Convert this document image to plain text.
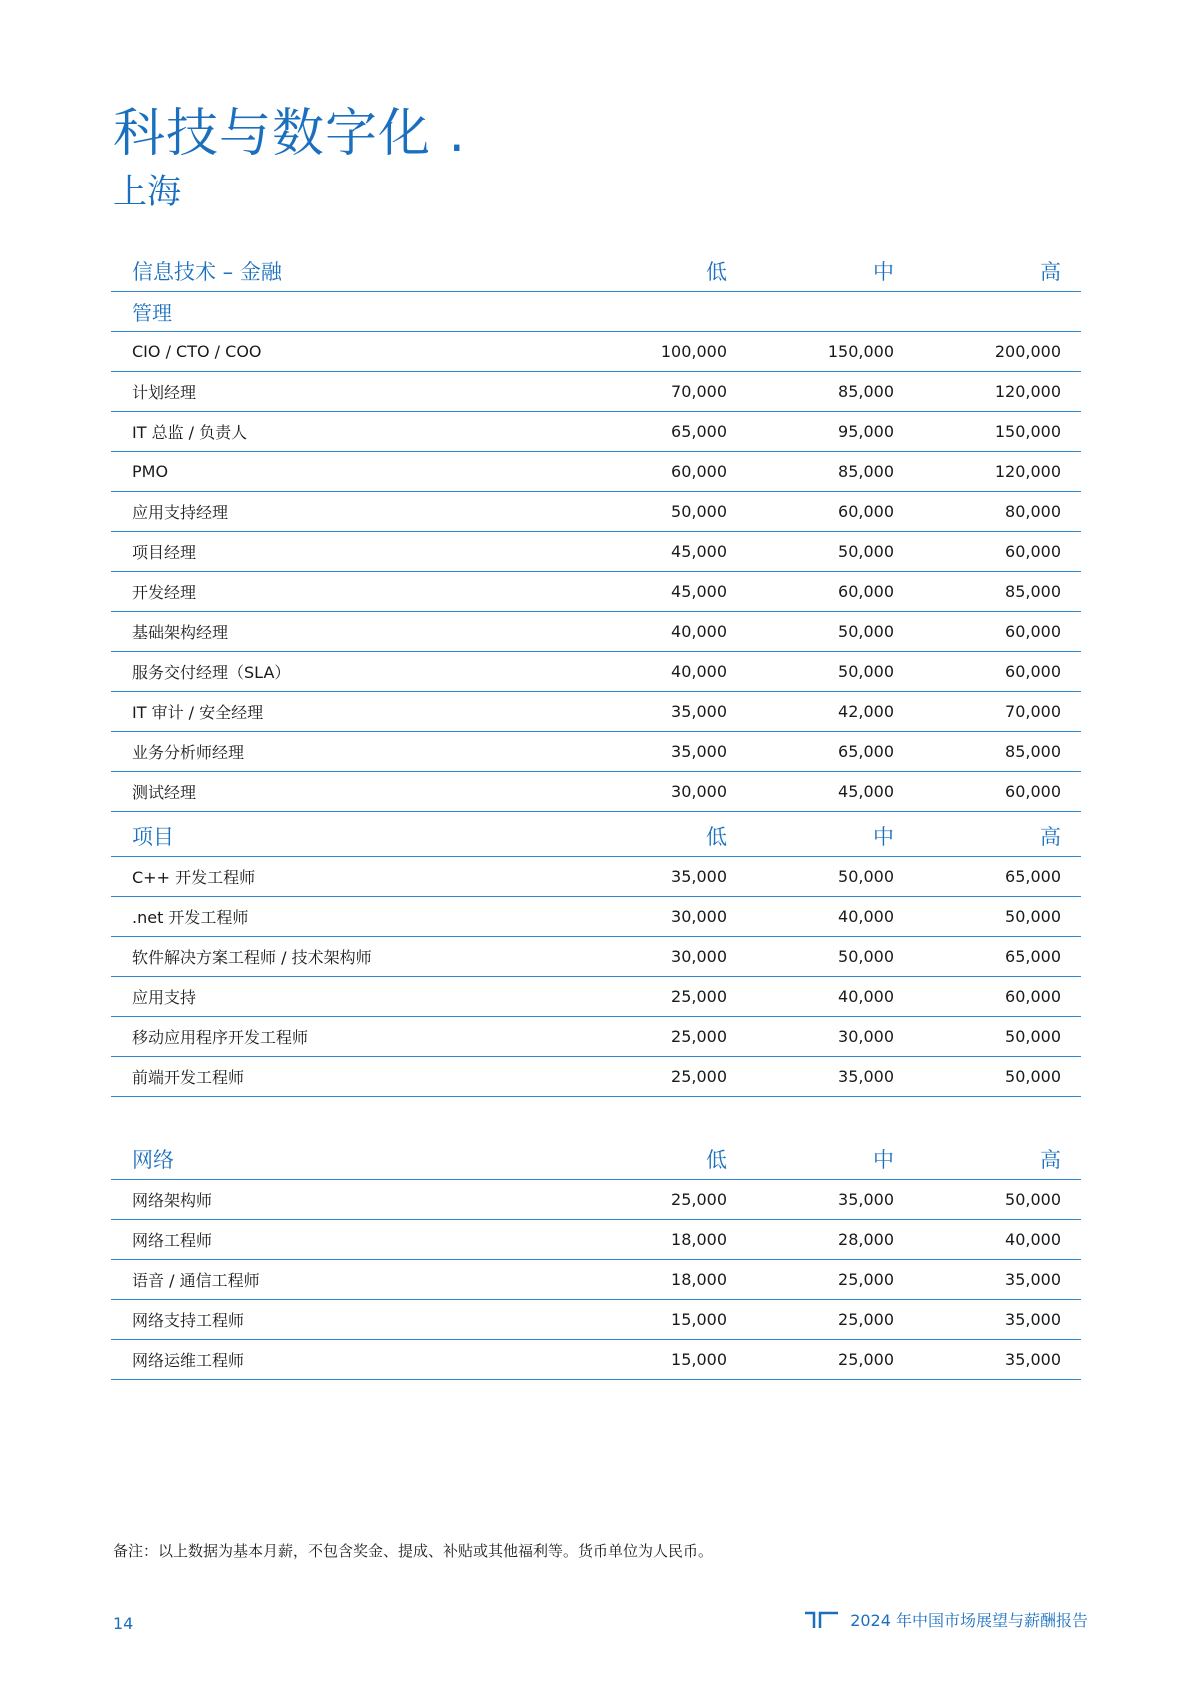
科技与数字化 .
上海
信息技术 – 金融	低	中	高
管理
CIO / CTO / COO	100,000	150,000	200,000
计划经理	70,000	85,000	120,000
IT 总监 / 负责人	65,000	95,000	150,000
PMO	60,000	85,000	120,000
应用支持经理	50,000	60,000	80,000
项目经理	45,000	50,000	60,000
开发经理	45,000	60,000	85,000
基础架构经理	40,000	50,000	60,000
服务交付经理（SLA）	40,000	50,000	60,000
IT 审计 / 安全经理	35,000	42,000	70,000
业务分析师经理	35,000	65,000	85,000
测试经理	30,000	45,000	60,000
项目	低	中	高
C++ 开发工程师	35,000	50,000	65,000
.net 开发工程师	30,000	40,000	50,000
软件解决方案工程师 / 技术架构师	30,000	50,000	65,000
应用支持	25,000	40,000	60,000
移动应用程序开发工程师	25,000	30,000	50,000
前端开发工程师	25,000	35,000	50,000
网络	低	中	高
网络架构师	25,000	35,000	50,000
网络工程师	18,000	28,000	40,000
语音 / 通信工程师	18,000	25,000	35,000
网络支持工程师	15,000	25,000	35,000
网络运维工程师	15,000	25,000	35,000
备注：以上数据为基本月薪，不包含奖金、提成、补贴或其他福利等。货币单位为人民币。
14	2024 年中国市场展望与薪酬报告
